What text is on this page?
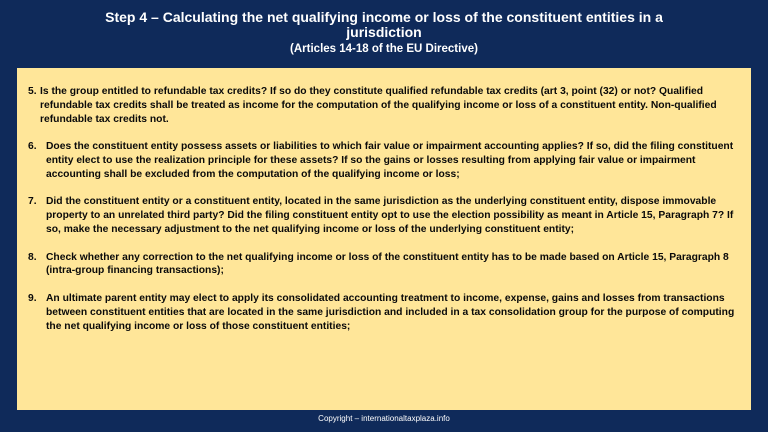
Step 4 – Calculating the net qualifying income or loss of the constituent entities in a jurisdiction
(Articles 14-18 of the EU Directive)
5. Is the group entitled to refundable tax credits? If so do they constitute qualified refundable tax credits (art 3, point (32) or not? Qualified refundable tax credits shall be treated as income for the computation of the qualifying income or loss of a constituent entity. Non-qualified refundable tax credits not.
6. Does the constituent entity possess assets or liabilities to which fair value or impairment accounting applies? If so, did the filing constituent entity elect to use the realization principle for these assets? If so the gains or losses resulting from applying fair value or impairment accounting shall be excluded from the computation of the qualifying income or loss;
7. Did the constituent entity or a constituent entity, located in the same jurisdiction as the underlying constituent entity, dispose immovable property to an unrelated third party? Did the filing constituent entity opt to use the election possibility as meant in Article 15, Paragraph 7? If so, make the necessary adjustment to the net qualifying income or loss of the underlying constituent entity;
8. Check whether any correction to the net qualifying income or loss of the constituent entity has to be made based on Article 15, Paragraph 8 (intra-group financing transactions);
9. An ultimate parent entity may elect to apply its consolidated accounting treatment to income, expense, gains and losses from transactions between constituent entities that are located in the same jurisdiction and included in a tax consolidation group for the purpose of computing the net qualifying income or loss of those constituent entities;
Copyright – internationaltaxplaza.info
